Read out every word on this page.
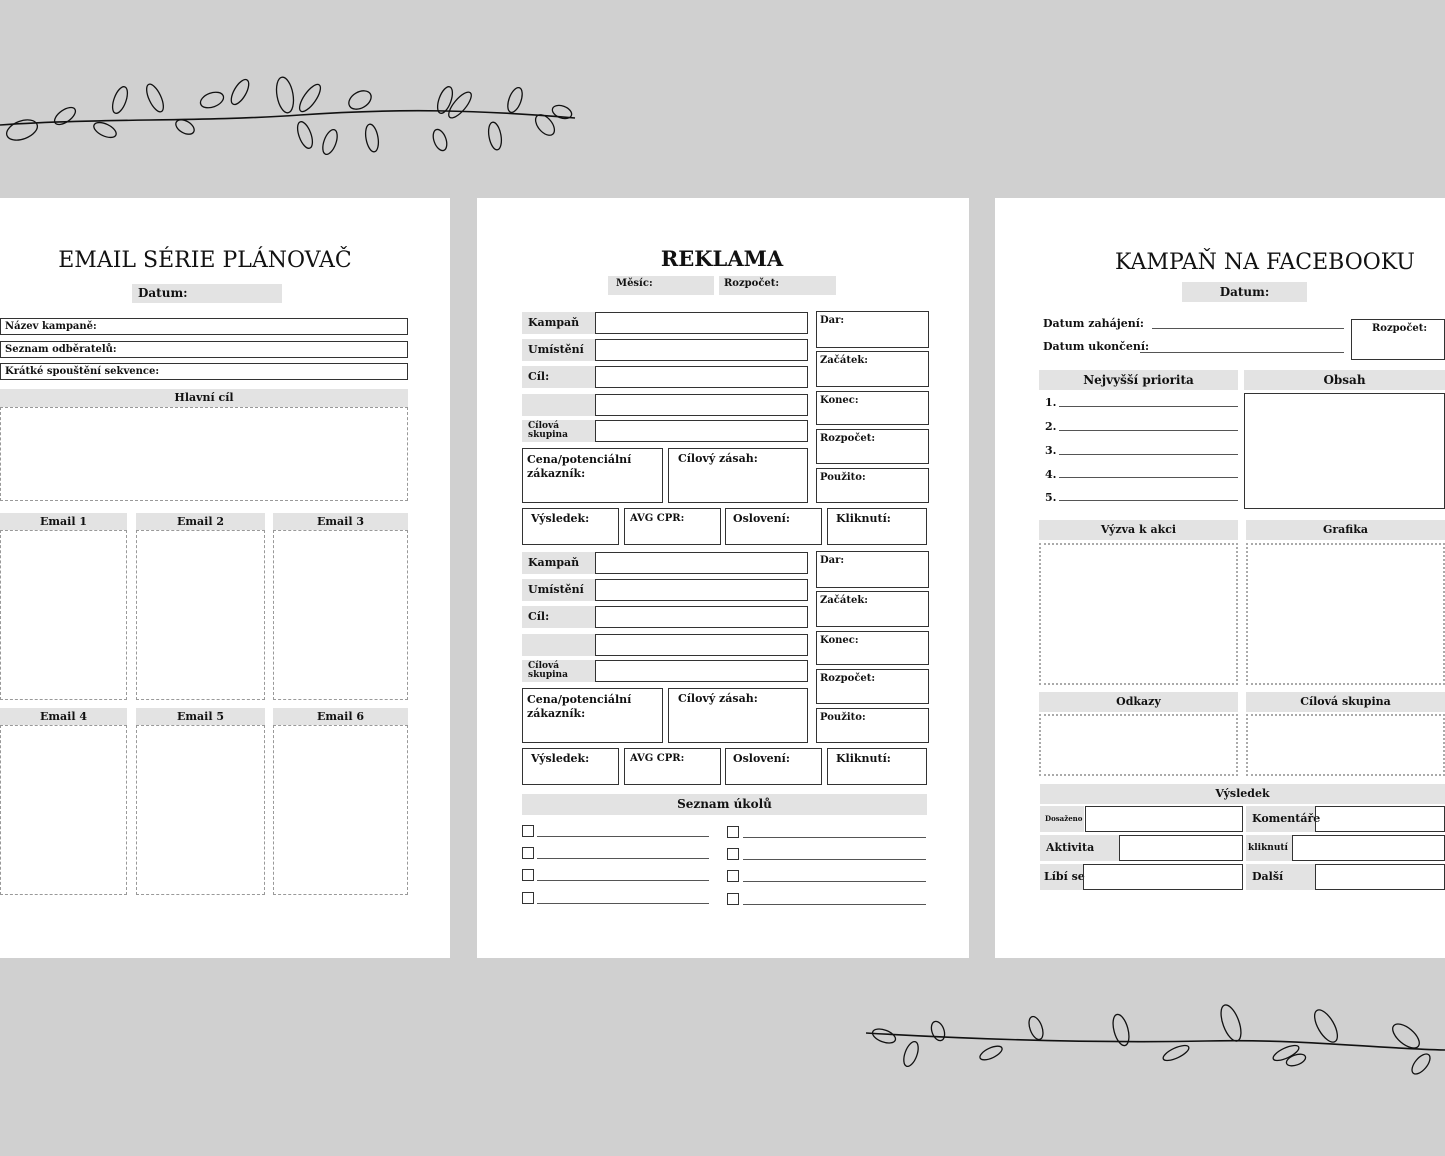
EMAIL SÉRIE PLÁNOVAČ
Datum:
Název kampaně:
Seznam odběratelů:
Krátké spouštění sekvence:
Hlavní cíl
Email 1	Email 2	Email 3
Email 4	Email 5	Email 6
REKLAMA
Měsíc:	Rozpočet:
Kampaň
Umístění
Cíl:
Cílová skupina
Cena/potenciální zákazník:
Cílový zásah:
Dar:
Začátek:
Konec:
Rozpočet:
Použito:
Výsledek:	AVG CPR:	Oslovení:	Kliknutí:
Kampaň
Umístění
Cíl:
Cílová skupina
Cena/potenciální zákazník:
Cílový zásah:
Dar:
Začátek:
Konec:
Rozpočet:
Použito:
Výsledek:	AVG CPR:	Oslovení:	Kliknutí:
Seznam úkolů
KAMPAŇ NA FACEBOOKU
Datum:
Datum zahájení:
Datum ukončení:
Rozpočet:
Nejvyšší priorita	Obsah
1.
2.
3.
4.
5.
Výzva k akci	Grafika
Odkazy	Cílová skupina
Výsledek
Dosaženo	Komentáře
Aktivita	kliknutí
Líbí se	Další
